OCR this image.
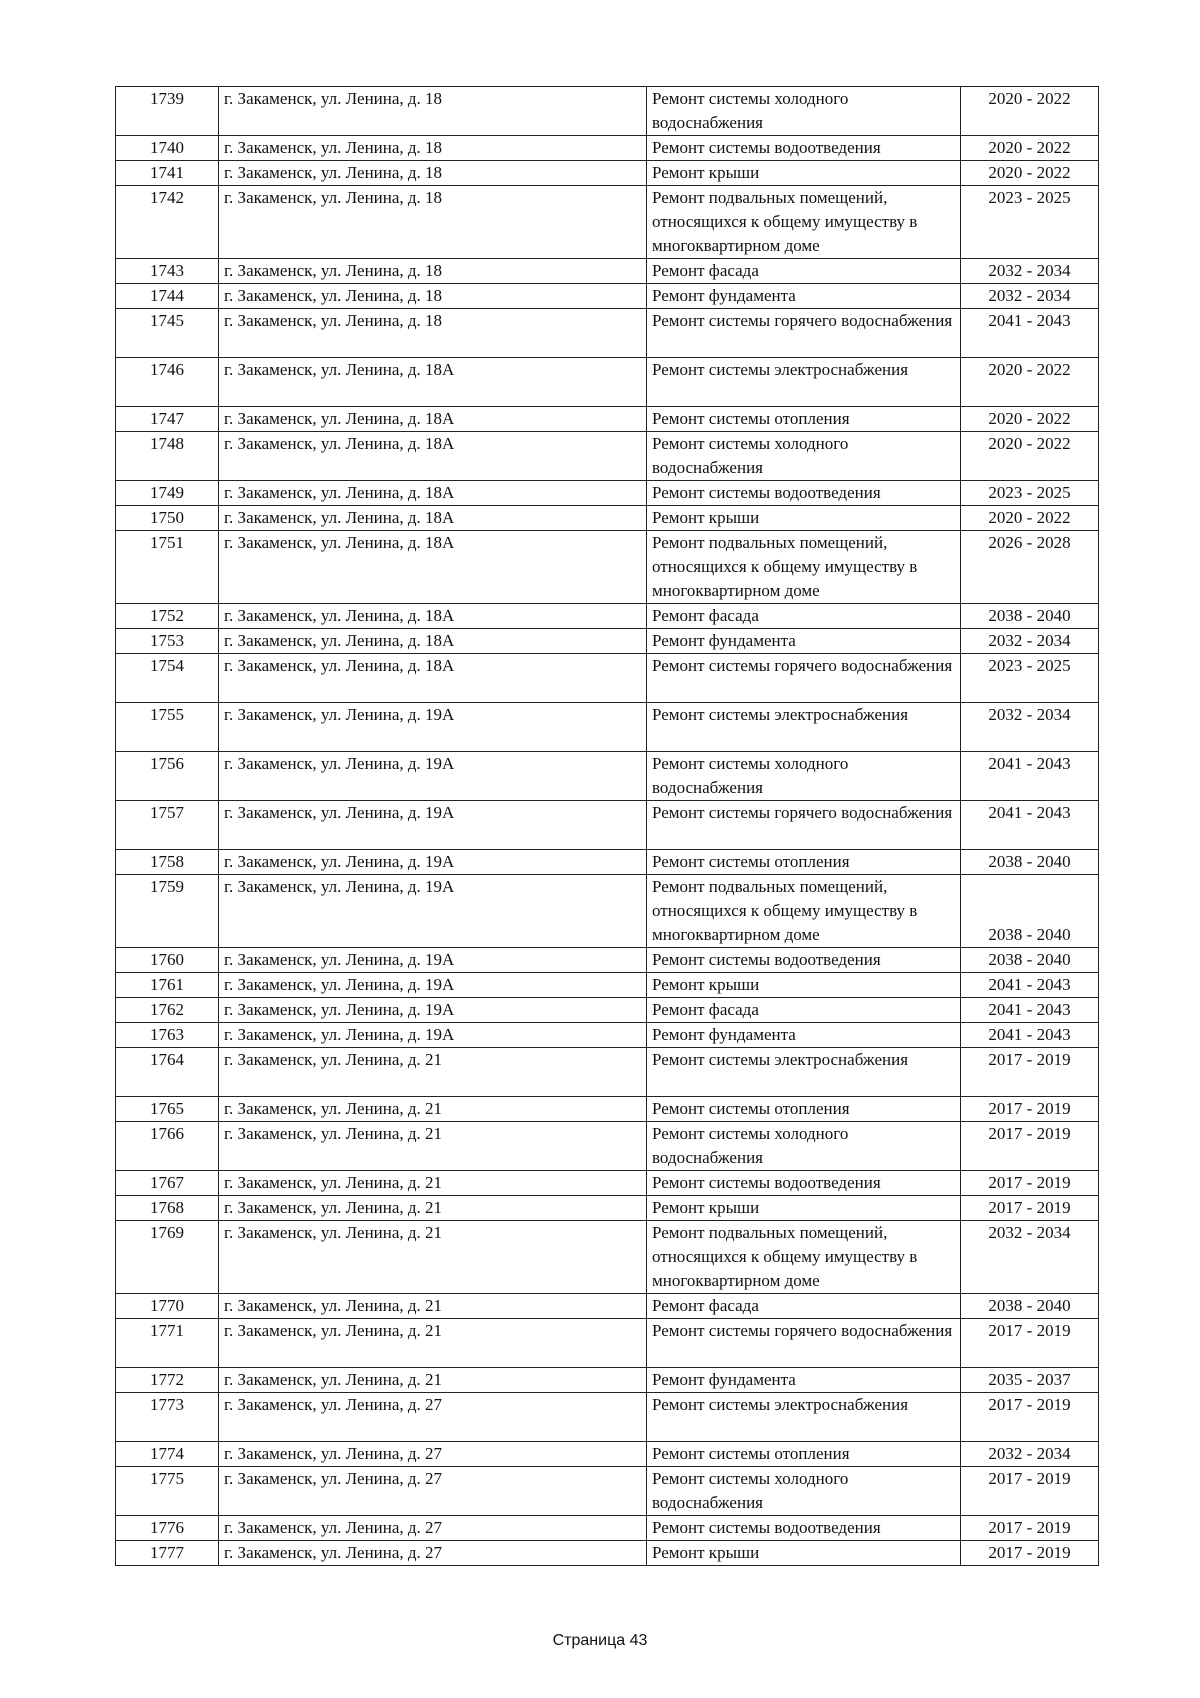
1739	г. Закаменск, ул. Ленина, д. 18	Ремонт системы холодного водоснабжения	2020 - 2022
1740	г. Закаменск, ул. Ленина, д. 18	Ремонт системы водоотведения	2020 - 2022
1741	г. Закаменск, ул. Ленина, д. 18	Ремонт крыши	2020 - 2022
1742	г. Закаменск, ул. Ленина, д. 18	Ремонт подвальных помещений, относящихся к общему имуществу в многоквартирном доме	2023 - 2025
1743	г. Закаменск, ул. Ленина, д. 18	Ремонт фасада	2032 - 2034
1744	г. Закаменск, ул. Ленина, д. 18	Ремонт фундамента	2032 - 2034
1745	г. Закаменск, ул. Ленина, д. 18	Ремонт системы горячего водоснабжения	2041 - 2043
1746	г. Закаменск, ул. Ленина, д. 18А	Ремонт системы электроснабжения	2020 - 2022
1747	г. Закаменск, ул. Ленина, д. 18А	Ремонт системы отопления	2020 - 2022
1748	г. Закаменск, ул. Ленина, д. 18А	Ремонт системы холодного водоснабжения	2020 - 2022
1749	г. Закаменск, ул. Ленина, д. 18А	Ремонт системы водоотведения	2023 - 2025
1750	г. Закаменск, ул. Ленина, д. 18А	Ремонт крыши	2020 - 2022
1751	г. Закаменск, ул. Ленина, д. 18А	Ремонт подвальных помещений, относящихся к общему имуществу в многоквартирном доме	2026 - 2028
1752	г. Закаменск, ул. Ленина, д. 18А	Ремонт фасада	2038 - 2040
1753	г. Закаменск, ул. Ленина, д. 18А	Ремонт фундамента	2032 - 2034
1754	г. Закаменск, ул. Ленина, д. 18А	Ремонт системы горячего водоснабжения	2023 - 2025
1755	г. Закаменск, ул. Ленина, д. 19А	Ремонт системы электроснабжения	2032 - 2034
1756	г. Закаменск, ул. Ленина, д. 19А	Ремонт системы холодного водоснабжения	2041 - 2043
1757	г. Закаменск, ул. Ленина, д. 19А	Ремонт системы горячего водоснабжения	2041 - 2043
1758	г. Закаменск, ул. Ленина, д. 19А	Ремонт системы отопления	2038 - 2040
1759	г. Закаменск, ул. Ленина, д. 19А	Ремонт подвальных помещений, относящихся к общему имуществу в многоквартирном доме	2038 - 2040
1760	г. Закаменск, ул. Ленина, д. 19А	Ремонт системы водоотведения	2038 - 2040
1761	г. Закаменск, ул. Ленина, д. 19А	Ремонт крыши	2041 - 2043
1762	г. Закаменск, ул. Ленина, д. 19А	Ремонт фасада	2041 - 2043
1763	г. Закаменск, ул. Ленина, д. 19А	Ремонт фундамента	2041 - 2043
1764	г. Закаменск, ул. Ленина, д. 21	Ремонт системы электроснабжения	2017 - 2019
1765	г. Закаменск, ул. Ленина, д. 21	Ремонт системы отопления	2017 - 2019
1766	г. Закаменск, ул. Ленина, д. 21	Ремонт системы холодного водоснабжения	2017 - 2019
1767	г. Закаменск, ул. Ленина, д. 21	Ремонт системы водоотведения	2017 - 2019
1768	г. Закаменск, ул. Ленина, д. 21	Ремонт крыши	2017 - 2019
1769	г. Закаменск, ул. Ленина, д. 21	Ремонт подвальных помещений, относящихся к общему имуществу в многоквартирном доме	2032 - 2034
1770	г. Закаменск, ул. Ленина, д. 21	Ремонт фасада	2038 - 2040
1771	г. Закаменск, ул. Ленина, д. 21	Ремонт системы горячего водоснабжения	2017 - 2019
1772	г. Закаменск, ул. Ленина, д. 21	Ремонт фундамента	2035 - 2037
1773	г. Закаменск, ул. Ленина, д. 27	Ремонт системы электроснабжения	2017 - 2019
1774	г. Закаменск, ул. Ленина, д. 27	Ремонт системы отопления	2032 - 2034
1775	г. Закаменск, ул. Ленина, д. 27	Ремонт системы холодного водоснабжения	2017 - 2019
1776	г. Закаменск, ул. Ленина, д. 27	Ремонт системы водоотведения	2017 - 2019
1777	г. Закаменск, ул. Ленина, д. 27	Ремонт крыши	2017 - 2019
Страница 43
